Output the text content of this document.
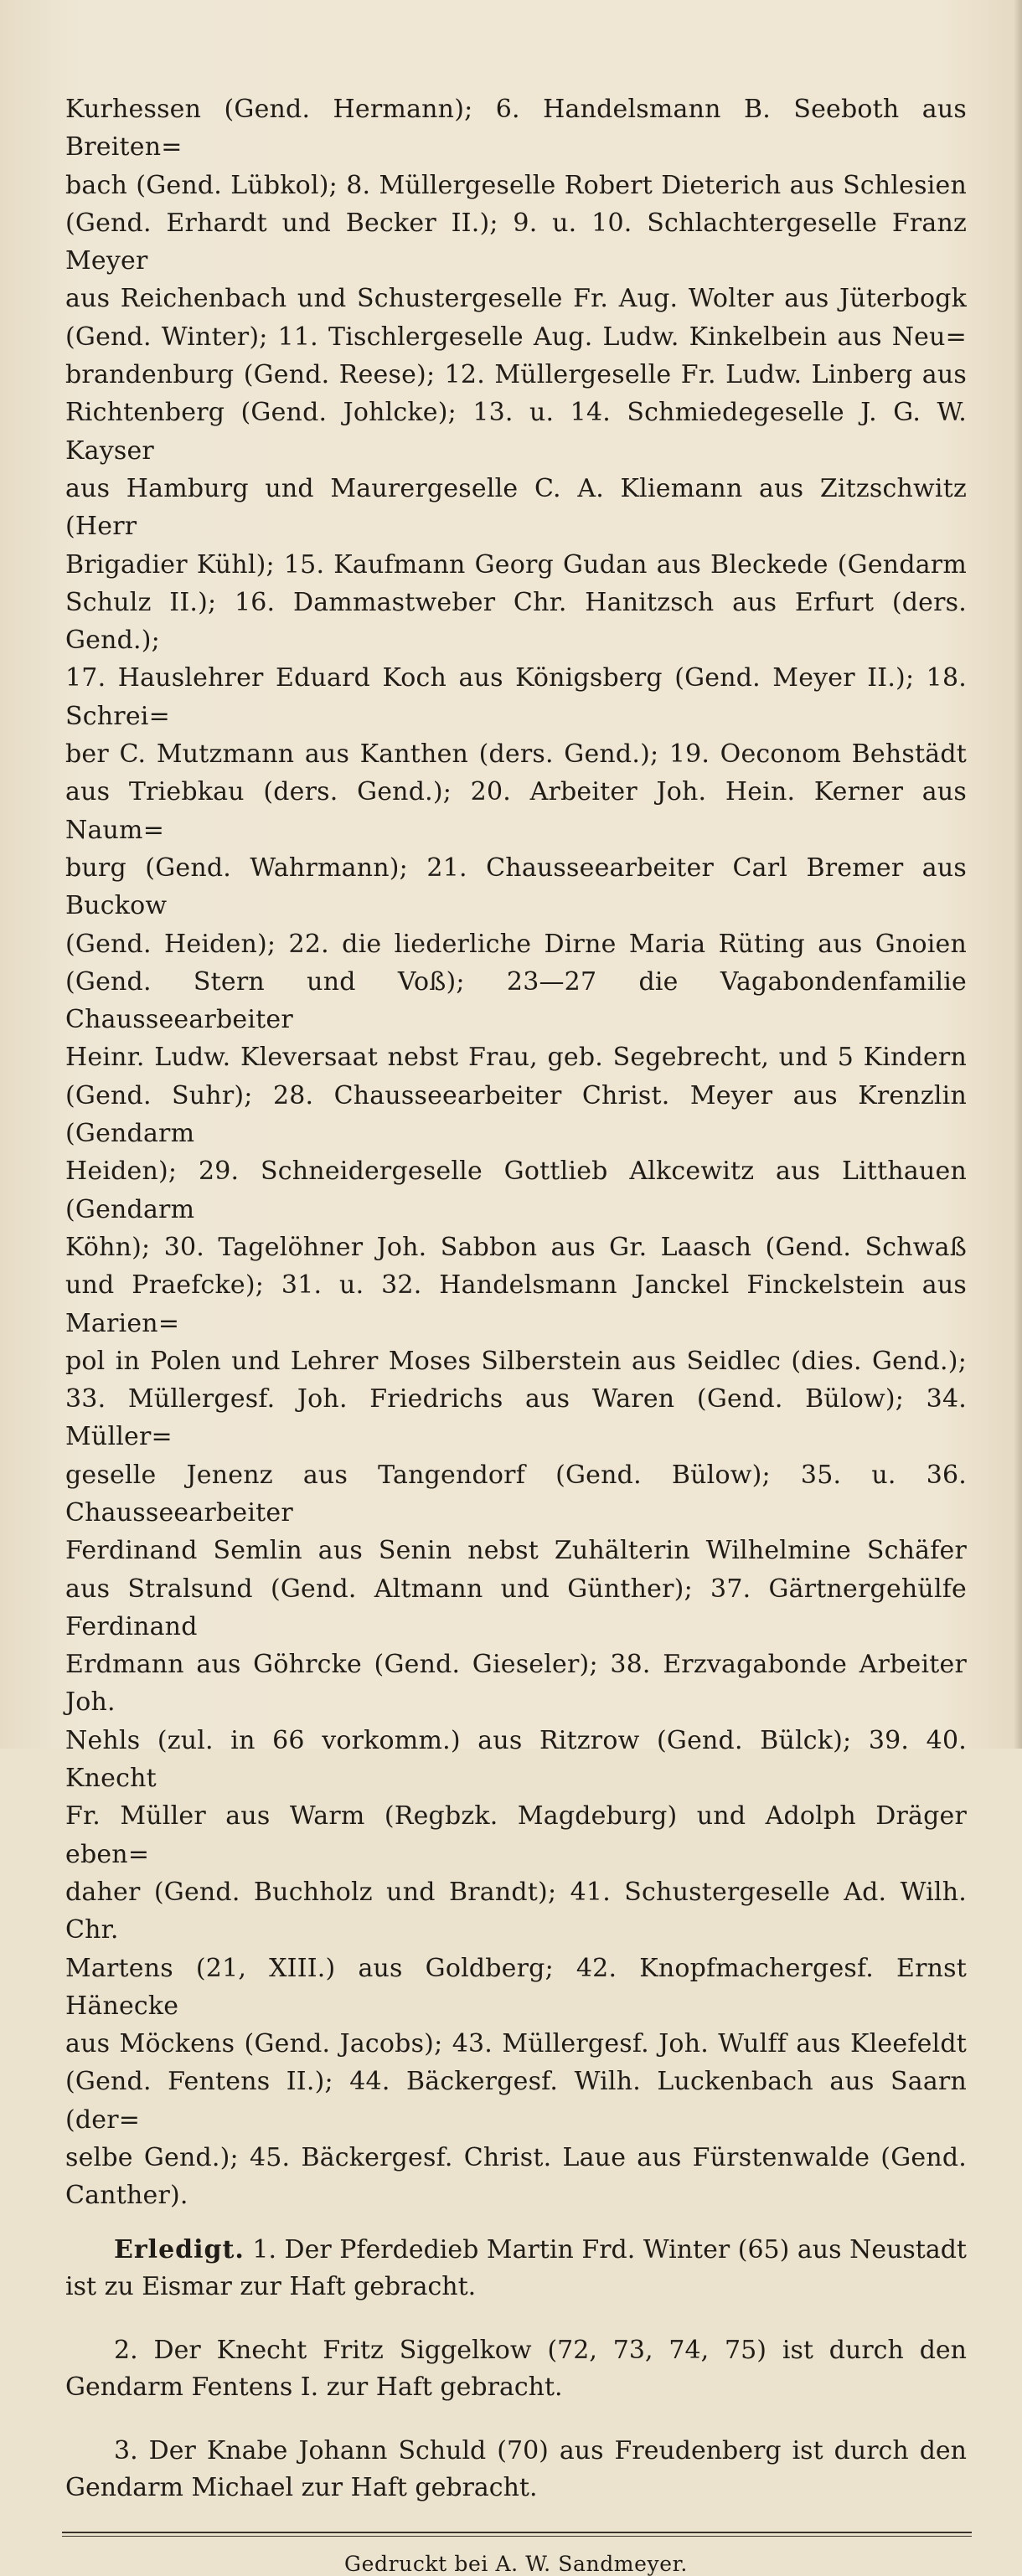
Kurhessen (Gend. Hermann); 6. Handelsmann B. Seeboth aus Breiten=

bach (Gend. Lübkol); 8. Müllergeselle Robert Dieterich aus Schlesien

(Gend. Erhardt und Becker II.); 9. u. 10. Schlachtergeselle Franz Meyer

aus Reichenbach und Schustergeselle Fr. Aug. Wolter aus Jüterbogk

(Gend. Winter); 11. Tischlergeselle Aug. Ludw. Kinkelbein aus Neu=

brandenburg (Gend. Reese); 12. Müllergeselle Fr. Ludw. Linberg aus

Richtenberg (Gend. Johlcke); 13. u. 14. Schmiedegeselle J. G. W. Kayser

aus Hamburg und Maurergeselle C. A. Kliemann aus Zitzschwitz (Herr

Brigadier Kühl); 15. Kaufmann Georg Gudan aus Bleckede (Gendarm

Schulz II.); 16. Dammastweber Chr. Hanitzsch aus Erfurt (ders. Gend.);

17. Hauslehrer Eduard Koch aus Königsberg (Gend. Meyer II.); 18. Schrei=

ber C. Mutzmann aus Kanthen (ders. Gend.); 19. Oeconom Behstädt

aus Triebkau (ders. Gend.); 20. Arbeiter Joh. Hein. Kerner aus Naum=

burg (Gend. Wahrmann); 21. Chausseearbeiter Carl Bremer aus Buckow

(Gend. Heiden); 22. die liederliche Dirne Maria Rüting aus Gnoien

(Gend. Stern und Voß); 23—27 die Vagabondenfamilie Chausseearbeiter

Heinr. Ludw. Kleversaat nebst Frau, geb. Segebrecht, und 5 Kindern

(Gend. Suhr); 28. Chausseearbeiter Christ. Meyer aus Krenzlin (Gendarm

Heiden); 29. Schneidergeselle Gottlieb Alkcewitz aus Litthauen (Gendarm

Köhn); 30. Tagelöhner Joh. Sabbon aus Gr. Laasch (Gend. Schwaß

und Praefcke); 31. u. 32. Handelsmann Janckel Finckelstein aus Marien=

pol in Polen und Lehrer Moses Silberstein aus Seidlec (dies. Gend.);

33. Müllergesf. Joh. Friedrichs aus Waren (Gend. Bülow); 34. Müller=

geselle Jenenz aus Tangendorf (Gend. Bülow); 35. u. 36. Chausseearbeiter

Ferdinand Semlin aus Senin nebst Zuhälterin Wilhelmine Schäfer

aus Stralsund (Gend. Altmann und Günther); 37. Gärtnergehülfe Ferdinand

Erdmann aus Göhrcke (Gend. Gieseler); 38. Erzvagabonde Arbeiter Joh.

Nehls (zul. in 66 vorkomm.) aus Ritzrow (Gend. Bülck); 39. 40. Knecht

Fr. Müller aus Warm (Regbzk. Magdeburg) und Adolph Dräger eben=

daher (Gend. Buchholz und Brandt); 41. Schustergeselle Ad. Wilh. Chr.

Martens (21, XIII.) aus Goldberg; 42. Knopfmachergesf. Ernst Hänecke

aus Möckens (Gend. Jacobs); 43. Müllergesf. Joh. Wulff aus Kleefeldt

(Gend. Fentens II.); 44. Bäckergesf. Wilh. Luckenbach aus Saarn (der=

selbe Gend.); 45. Bäckergesf. Christ. Laue aus Fürstenwalde (Gend. Canther).

Erledigt. 1. Der Pferdedieb Martin Frd. Winter (65) aus Neustadt

ist zu Eismar zur Haft gebracht.

2. Der Knecht Fritz Siggelkow (72, 73, 74, 75) ist durch den

Gendarm Fentens I. zur Haft gebracht.

3. Der Knabe Johann Schuld (70) aus Freudenberg ist durch den

Gendarm Michael zur Haft gebracht.

Gedruckt bei A. W. Sandmeyer.
